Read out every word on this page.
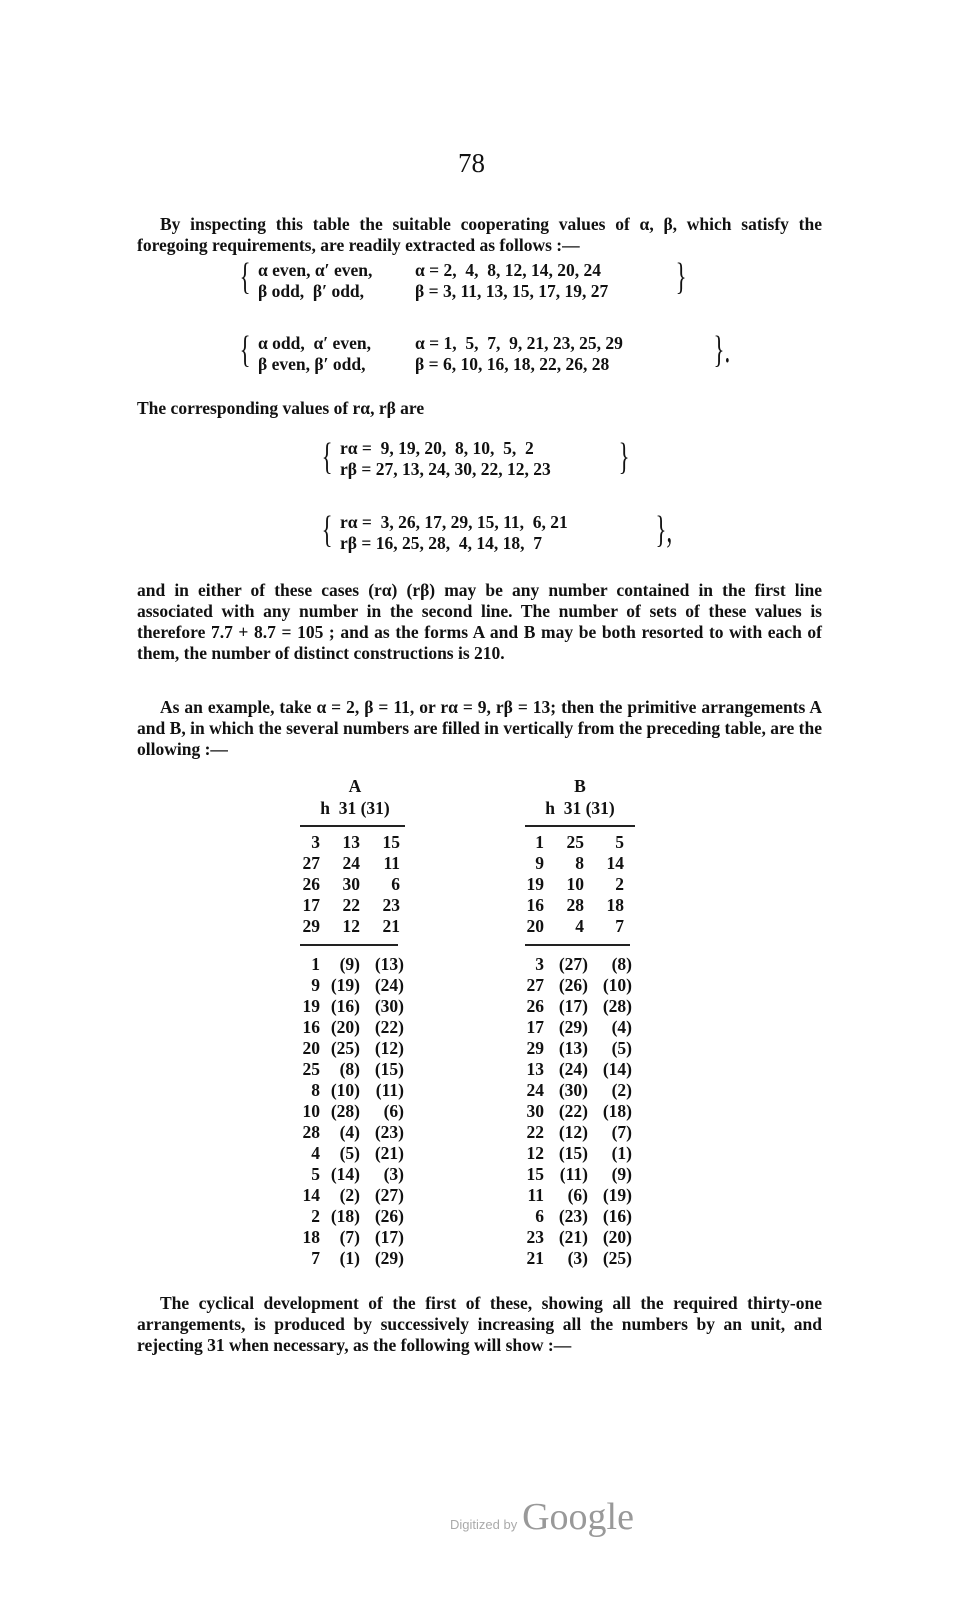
78
By inspecting this table the suitable cooperating values of α, β, which satisfy the foregoing requirements, are readily extracted as follows :—
{ α even, α′ even,
β odd,  β′ odd,
α = 2,  4,  8, 12, 14, 20, 24
β = 3, 11, 13, 15, 17, 19, 27 }
{ α odd,  α′ even,
β even, β′ odd,
α = 1,  5,  7,  9, 21, 23, 25, 29
β = 6, 10, 16, 18, 22, 26, 28	}.
The corresponding values of rα, rβ are
{ rα =  9, 19, 20,  8, 10,  5,  2
rβ = 27, 13, 24, 30, 22, 12, 23 }
{ rα =  3, 26, 17, 29, 15, 11,  6, 21
rβ = 16, 25, 28,  4, 14, 18,  7	},
and in either of these cases (rα) (rβ) may be any number contained in the first line associated with any number in the second line. The number of sets of these values is therefore 7.7 + 8.7 = 105 ; and as the forms A and B may be both resorted to with each of them, the number of distinct constructions is 210.
As an example, take α = 2, β = 11, or rα = 9, rβ = 13; then the primitive arrangements A and B, in which the several numbers are filled in vertically from the preceding table, are the ollowing :—
A
h  31 (31)
3	13	15
27	24	11
26	30	6
17	22	23
29	12	21
1	(9)	(13)
9	(19)	(24)
19	(16)	(30)
16	(20)	(22)
20	(25)	(12)
25	(8)	(15)
8	(10)	(11)
10	(28)	(6)
28	(4)	(23)
4	(5)	(21)
5	(14)	(3)
14	(2)	(27)
2	(18)	(26)
18	(7)	(17)
7	(1)	(29)
B
h  31 (31)
1	25	5
9	8	14
19	10	2
16	28	18
20	4	7
3	(27)	(8)
27	(26)	(10)
26	(17)	(28)
17	(29)	(4)
29	(13)	(5)
13	(24)	(14)
24	(30)	(2)
30	(22)	(18)
22	(12)	(7)
12	(15)	(1)
15	(11)	(9)
11	(6)	(19)
6	(23)	(16)
23	(21)	(20)
21	(3)	(25)
The cyclical development of the first of these, showing all the required thirty-one arrangements, is produced by successively increasing all the numbers by an unit, and rejecting 31 when necessary, as the following will show :—
Digitized by Google
